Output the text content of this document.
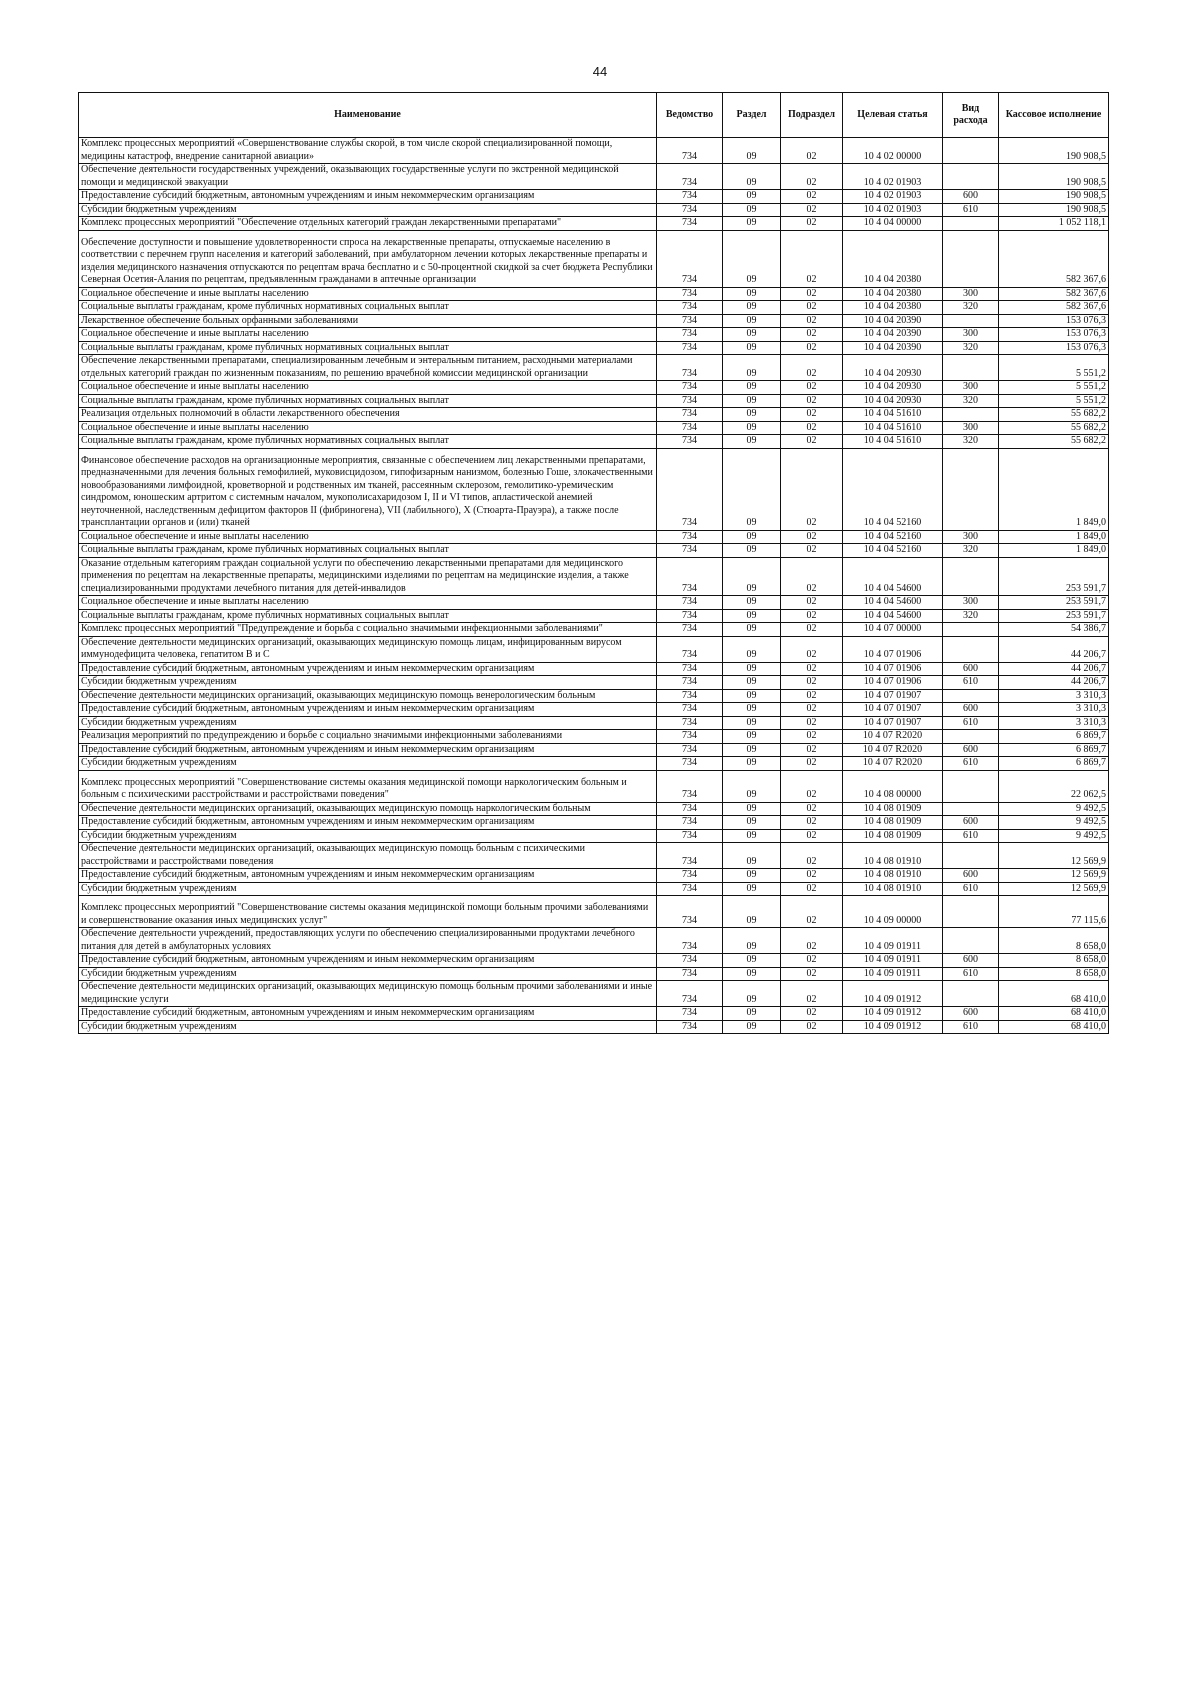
44
Наименование	Ведомство	Раздел	Подраздел	Целевая статья	Вид расхода	Кассовое исполнение
Комплекс процессных мероприятий «Совершенствование службы скорой, в том числе скорой специализированной помощи, медицины катастроф, внедрение санитарной авиации»	734	09	02	10 4 02 00000		190 908,5
Обеспечение деятельности государственных учреждений, оказывающих государственные услуги по экстренной медицинской помощи и медицинской эвакуации	734	09	02	10 4 02 01903		190 908,5
Предоставление субсидий бюджетным, автономным учреждениям и иным некоммерческим организациям	734	09	02	10 4 02 01903	600	190 908,5
Субсидии бюджетным учреждениям	734	09	02	10 4 02 01903	610	190 908,5
Комплекс процессных мероприятий "Обеспечение отдельных категорий граждан лекарственными препаратами"	734	09	02	10 4 04 00000		1 052 118,1
Обеспечение доступности и повышение удовлетворенности спроса на лекарственные препараты, отпускаемые населению в соответствии с перечнем групп населения и категорий заболеваний, при амбулаторном лечении которых лекарственные препараты и изделия медицинского назначения отпускаются по рецептам врача бесплатно и с 50-процентной скидкой за счет бюджета Республики Северная Осетия-Алания по рецептам, предъявленным гражданами в аптечные организации	734	09	02	10 4 04 20380		582 367,6
Социальное обеспечение и иные выплаты населению	734	09	02	10 4 04 20380	300	582 367,6
Социальные выплаты гражданам, кроме публичных нормативных социальных выплат	734	09	02	10 4 04 20380	320	582 367,6
Лекарственное обеспечение больных орфанными заболеваниями	734	09	02	10 4 04 20390		153 076,3
Социальное обеспечение и иные выплаты населению	734	09	02	10 4 04 20390	300	153 076,3
Социальные выплаты гражданам, кроме публичных нормативных социальных выплат	734	09	02	10 4 04 20390	320	153 076,3
Обеспечение лекарственными препаратами, специализированным лечебным и энтеральным питанием, расходными материалами отдельных категорий граждан по жизненным показаниям, по решению врачебной комиссии медицинской организации	734	09	02	10 4 04 20930		5 551,2
Социальное обеспечение и иные выплаты населению	734	09	02	10 4 04 20930	300	5 551,2
Социальные выплаты гражданам, кроме публичных нормативных социальных выплат	734	09	02	10 4 04 20930	320	5 551,2
Реализация отдельных полномочий в области лекарственного обеспечения	734	09	02	10 4 04 51610		55 682,2
Социальное обеспечение и иные выплаты населению	734	09	02	10 4 04 51610	300	55 682,2
Социальные выплаты гражданам, кроме публичных нормативных социальных выплат	734	09	02	10 4 04 51610	320	55 682,2
Финансовое обеспечение расходов на организационные мероприятия, связанные с обеспечением лиц лекарственными препаратами, предназначенными для лечения больных гемофилией, муковисцидозом, гипофизарным нанизмом, болезнью Гоше, злокачественными новообразованиями лимфоидной, кроветворной и родственных им тканей, рассеянным склерозом, гемолитико-уремическим синдромом, юношеским артритом с системным началом, мукополисахаридозом I, II и VI типов, апластической анемией неуточненной, наследственным дефицитом факторов II (фибриногена), VII (лабильного), X (Стюарта-Прауэра), а также после трансплантации органов и (или) тканей	734	09	02	10 4 04 52160		1 849,0
Социальное обеспечение и иные выплаты населению	734	09	02	10 4 04 52160	300	1 849,0
Социальные выплаты гражданам, кроме публичных нормативных социальных выплат	734	09	02	10 4 04 52160	320	1 849,0
Оказание отдельным категориям граждан социальной услуги по обеспечению лекарственными препаратами для медицинского применения по рецептам на лекарственные препараты, медицинскими изделиями по рецептам на медицинские изделия, а также специализированными продуктами лечебного питания для детей-инвалидов	734	09	02	10 4 04 54600		253 591,7
Социальное обеспечение и иные выплаты населению	734	09	02	10 4 04 54600	300	253 591,7
Социальные выплаты гражданам, кроме публичных нормативных социальных выплат	734	09	02	10 4 04 54600	320	253 591,7
Комплекс процессных мероприятий "Предупреждение и борьба с социально значимыми инфекционными заболеваниями"	734	09	02	10 4 07 00000		54 386,7
Обеспечение деятельности медицинских организаций, оказывающих медицинскую помощь лицам, инфицированным вирусом иммунодефицита человека, гепатитом В и С	734	09	02	10 4 07 01906		44 206,7
Предоставление субсидий бюджетным, автономным учреждениям и иным некоммерческим организациям	734	09	02	10 4 07 01906	600	44 206,7
Субсидии бюджетным учреждениям	734	09	02	10 4 07 01906	610	44 206,7
Обеспечение деятельности медицинских организаций, оказывающих медицинскую помощь венерологическим больным	734	09	02	10 4 07 01907		3 310,3
Предоставление субсидий бюджетным, автономным учреждениям и иным некоммерческим организациям	734	09	02	10 4 07 01907	600	3 310,3
Субсидии бюджетным учреждениям	734	09	02	10 4 07 01907	610	3 310,3
Реализация мероприятий по предупреждению и борьбе с социально значимыми инфекционными заболеваниями	734	09	02	10 4 07 R2020		6 869,7
Предоставление субсидий бюджетным, автономным учреждениям и иным некоммерческим организациям	734	09	02	10 4 07 R2020	600	6 869,7
Субсидии бюджетным учреждениям	734	09	02	10 4 07 R2020	610	6 869,7
Комплекс процессных мероприятий "Совершенствование системы оказания медицинской помощи наркологическим больным и больным с психическими расстройствами и расстройствами поведения"	734	09	02	10 4 08 00000		22 062,5
Обеспечение деятельности медицинских организаций, оказывающих медицинскую помощь наркологическим больным	734	09	02	10 4 08 01909		9 492,5
Предоставление субсидий бюджетным, автономным учреждениям и иным некоммерческим организациям	734	09	02	10 4 08 01909	600	9 492,5
Субсидии бюджетным учреждениям	734	09	02	10 4 08 01909	610	9 492,5
Обеспечение деятельности медицинских организаций, оказывающих медицинскую помощь больным с психическими расстройствами и расстройствами поведения	734	09	02	10 4 08 01910		12 569,9
Предоставление субсидий бюджетным, автономным учреждениям и иным некоммерческим организациям	734	09	02	10 4 08 01910	600	12 569,9
Субсидии бюджетным учреждениям	734	09	02	10 4 08 01910	610	12 569,9
Комплекс процессных мероприятий "Совершенствование системы оказания медицинской помощи больным прочими заболеваниями и совершенствование оказания иных медицинских услуг"	734	09	02	10 4 09 00000		77 115,6
Обеспечение деятельности учреждений, предоставляющих услуги по обеспечению специализированными продуктами лечебного питания для детей в амбулаторных условиях	734	09	02	10 4 09 01911		8 658,0
Предоставление субсидий бюджетным, автономным учреждениям и иным некоммерческим организациям	734	09	02	10 4 09 01911	600	8 658,0
Субсидии бюджетным учреждениям	734	09	02	10 4 09 01911	610	8 658,0
Обеспечение деятельности медицинских организаций, оказывающих медицинскую помощь больным прочими заболеваниями и иные медицинские услуги	734	09	02	10 4 09 01912		68 410,0
Предоставление субсидий бюджетным, автономным учреждениям и иным некоммерческим организациям	734	09	02	10 4 09 01912	600	68 410,0
Субсидии бюджетным учреждениям	734	09	02	10 4 09 01912	610	68 410,0
